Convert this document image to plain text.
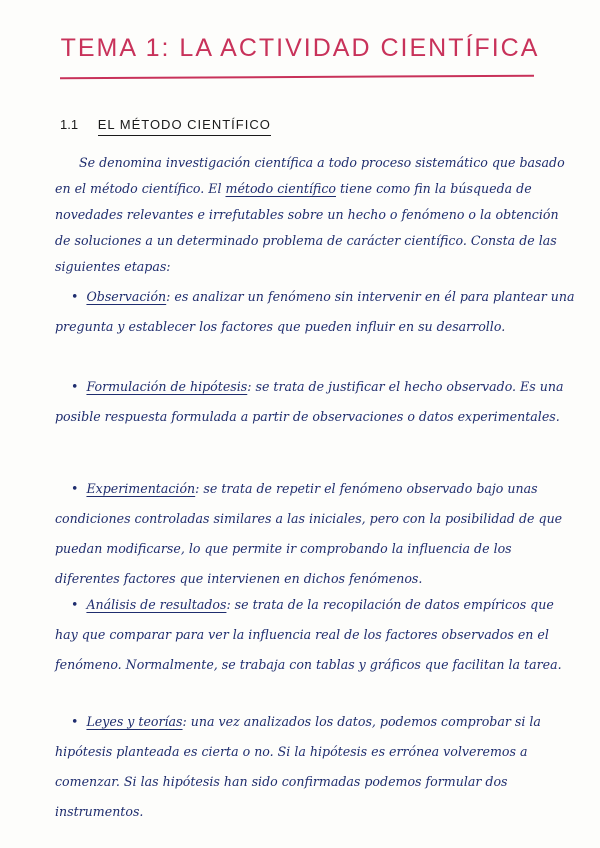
TEMA 1: LA ACTIVIDAD CIENTÍFICA
1.1 EL MÉTODO CIENTÍFICO
Se denomina investigación científica a todo proceso sistemático que basado en el método científico. El método científico tiene como fin la búsqueda de novedades relevantes e irrefutables sobre un hecho o fenómeno o la obtención de soluciones a un determinado problema de carácter científico. Consta de las siguientes etapas:
• Observación: es analizar un fenómeno sin intervenir en él para plantear una pregunta y establecer los factores que pueden influir en su desarrollo.
• Formulación de hipótesis: se trata de justificar el hecho observado. Es una posible respuesta formulada a partir de observaciones o datos experimentales.
• Experimentación: se trata de repetir el fenómeno observado bajo unas condiciones controladas similares a las iniciales, pero con la posibilidad de que puedan modificarse, lo que permite ir comprobando la influencia de los diferentes factores que intervienen en dichos fenómenos.
• Análisis de resultados: se trata de la recopilación de datos empíricos que hay que comparar para ver la influencia real de los factores observados en el fenómeno. Normalmente, se trabaja con tablas y gráficos que facilitan la tarea.
• Leyes y teorías: una vez analizados los datos, podemos comprobar si la hipótesis planteada es cierta o no. Si la hipótesis es errónea volveremos a comenzar. Si las hipótesis han sido confirmadas podemos formular dos instrumentos.
